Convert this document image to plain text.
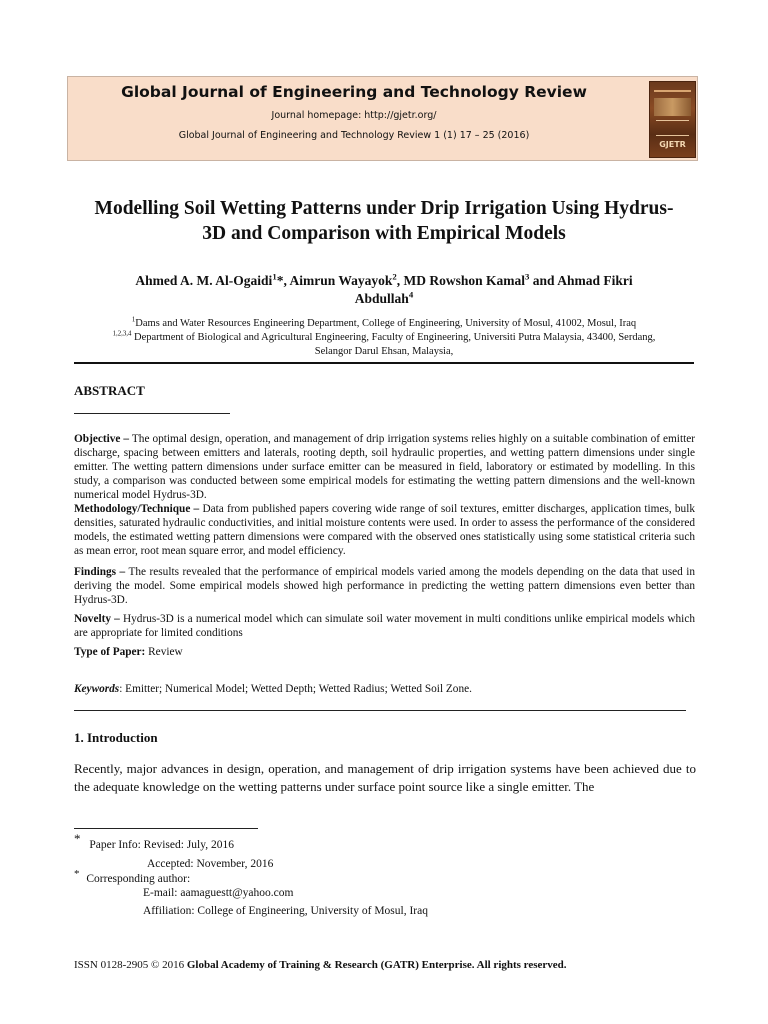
Global Journal of Engineering and Technology Review
Journal homepage: http://gjetr.org/
Global Journal of Engineering and Technology Review 1 (1) 17 – 25 (2016)
GJETR
Modelling Soil Wetting Patterns under Drip Irrigation Using Hydrus-
3D and Comparison with Empirical Models
Ahmed A. M. Al-Ogaidi$^1$*, Aimrun Wayayok$^2$, MD Rowshon Kamal$^3$ and Ahmad Fikri
Abdullah$^4$
$^1$Dams and Water Resources Engineering Department, College of Engineering, University of Mosul, 41002, Mosul, Iraq
$^{1,2,3,4}$ Department of Biological and Agricultural Engineering, Faculty of Engineering, Universiti Putra Malaysia, 43400, Serdang,
Selangor Darul Ehsan, Malaysia,
ABSTRACT
Objective – The optimal design, operation, and management of drip irrigation systems relies highly on a suitable combination of emitter discharge, spacing between emitters and laterals, rooting depth, soil hydraulic properties, and wetting pattern dimensions under single emitter. The wetting pattern dimensions under surface emitter can be measured in field, laboratory or estimated by modelling. In this study, a comparison was conducted between some empirical models for estimating the wetting pattern dimensions and the well-known numerical model Hydrus-3D.
Methodology/Technique – Data from published papers covering wide range of soil textures, emitter discharges, application times, bulk densities, saturated hydraulic conductivities, and initial moisture contents were used. In order to assess the performance of the considered models, the estimated wetting pattern dimensions were compared with the observed ones statistically using some statistical criteria such as mean error, root mean square error, and model efficiency.
Findings – The results revealed that the performance of empirical models varied among the models depending on the data that used in deriving the model. Some empirical models showed high performance in predicting the wetting pattern dimensions even better than Hydrus-3D.
Novelty – Hydrus-3D is a numerical model which can simulate soil water movement in multi conditions unlike empirical models which are appropriate for limited conditions
Type of Paper: Review
Keywords: Emitter; Numerical Model; Wetted Depth; Wetted Radius; Wetted Soil Zone.
1. Introduction
Recently, major advances in design, operation, and management of drip irrigation systems have been achieved due to the adequate knowledge on the wetting patterns under surface point source like a single emitter. The
* Paper Info: Revised: July, 2016
Accepted: November, 2016
* Corresponding author:
E-mail: aamaguestt@yahoo.com
Affiliation: College of Engineering, University of Mosul, Iraq
ISSN 0128-2905 © 2016 Global Academy of Training & Research (GATR) Enterprise. All rights reserved.
